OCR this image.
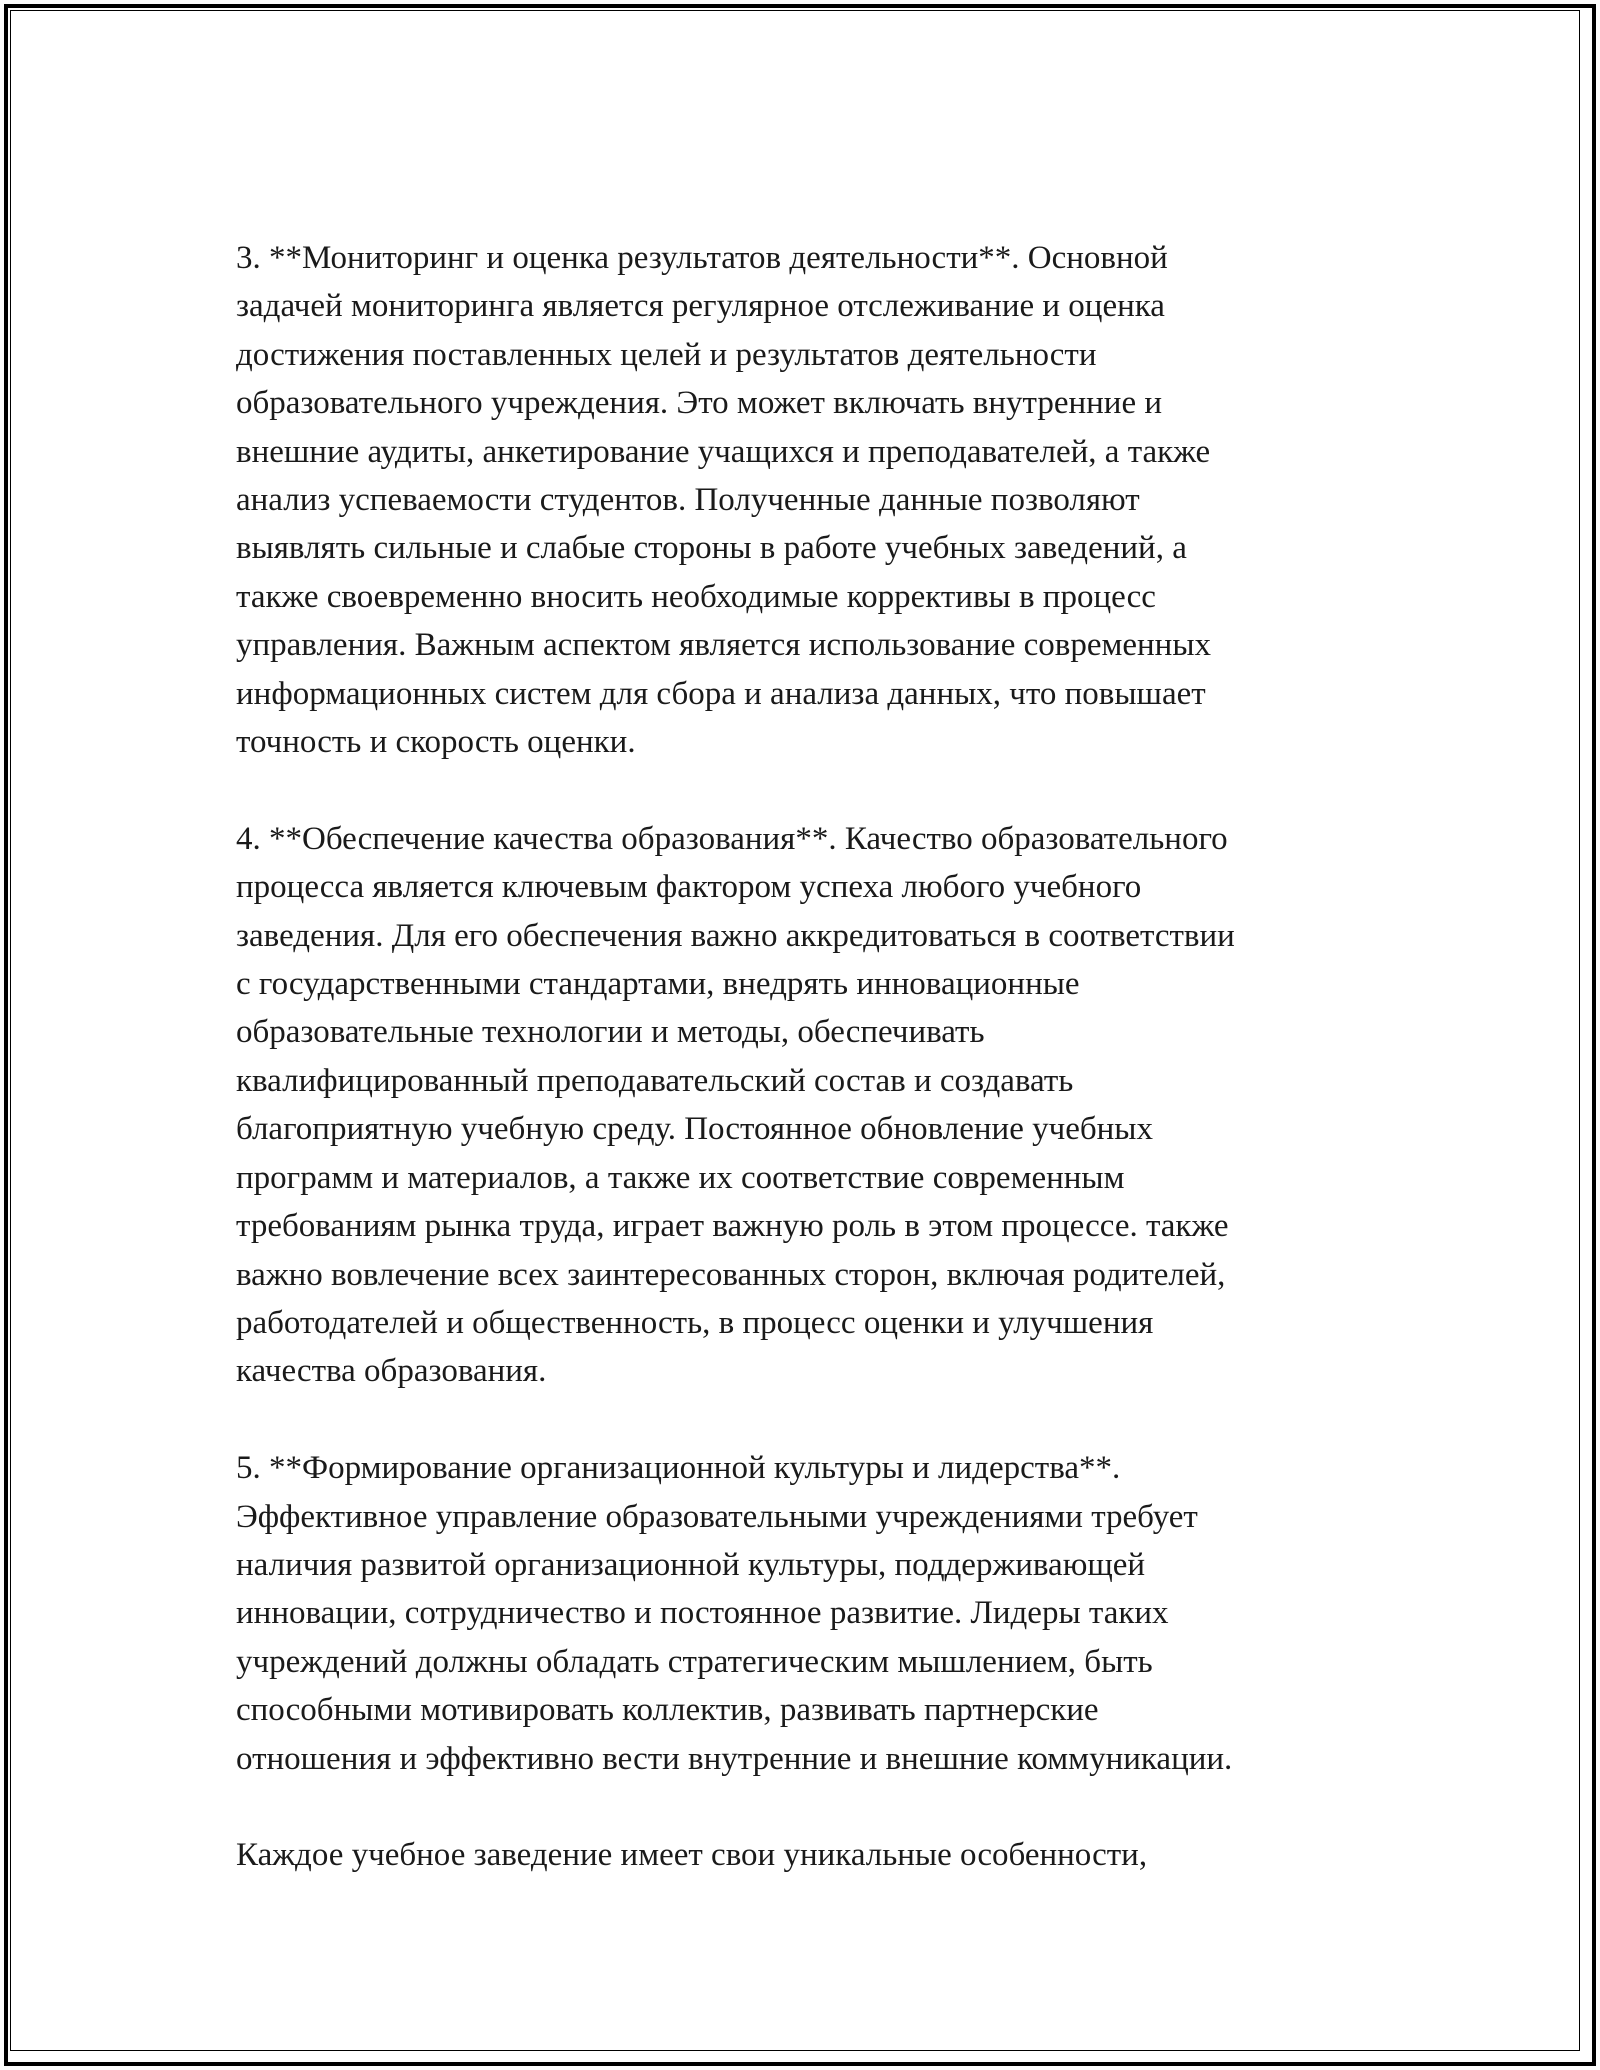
3. **Мониторинг и оценка результатов деятельности**. Основной
задачей мониторинга является регулярное отслеживание и оценка
достижения поставленных целей и результатов деятельности
образовательного учреждения. Это может включать внутренние и
внешние аудиты, анкетирование учащихся и преподавателей, а также
анализ успеваемости студентов. Полученные данные позволяют
выявлять сильные и слабые стороны в работе учебных заведений, а
также своевременно вносить необходимые коррективы в процесс
управления. Важным аспектом является использование современных
информационных систем для сбора и анализа данных, что повышает
точность и скорость оценки.

4. **Обеспечение качества образования**. Качество образовательного
процесса является ключевым фактором успеха любого учебного
заведения. Для его обеспечения важно аккредитоваться в соответствии
с государственными стандартами, внедрять инновационные
образовательные технологии и методы, обеспечивать
квалифицированный преподавательский состав и создавать
благоприятную учебную среду. Постоянное обновление учебных
программ и материалов, а также их соответствие современным
требованиям рынка труда, играет важную роль в этом процессе. также
важно вовлечение всех заинтересованных сторон, включая родителей,
работодателей и общественность, в процесс оценки и улучшения
качества образования.

5. **Формирование организационной культуры и лидерства**.
Эффективное управление образовательными учреждениями требует
наличия развитой организационной культуры, поддерживающей
инновации, сотрудничество и постоянное развитие. Лидеры таких
учреждений должны обладать стратегическим мышлением, быть
способными мотивировать коллектив, развивать партнерские
отношения и эффективно вести внутренние и внешние коммуникации.

Каждое учебное заведение имеет свои уникальные особенности,
